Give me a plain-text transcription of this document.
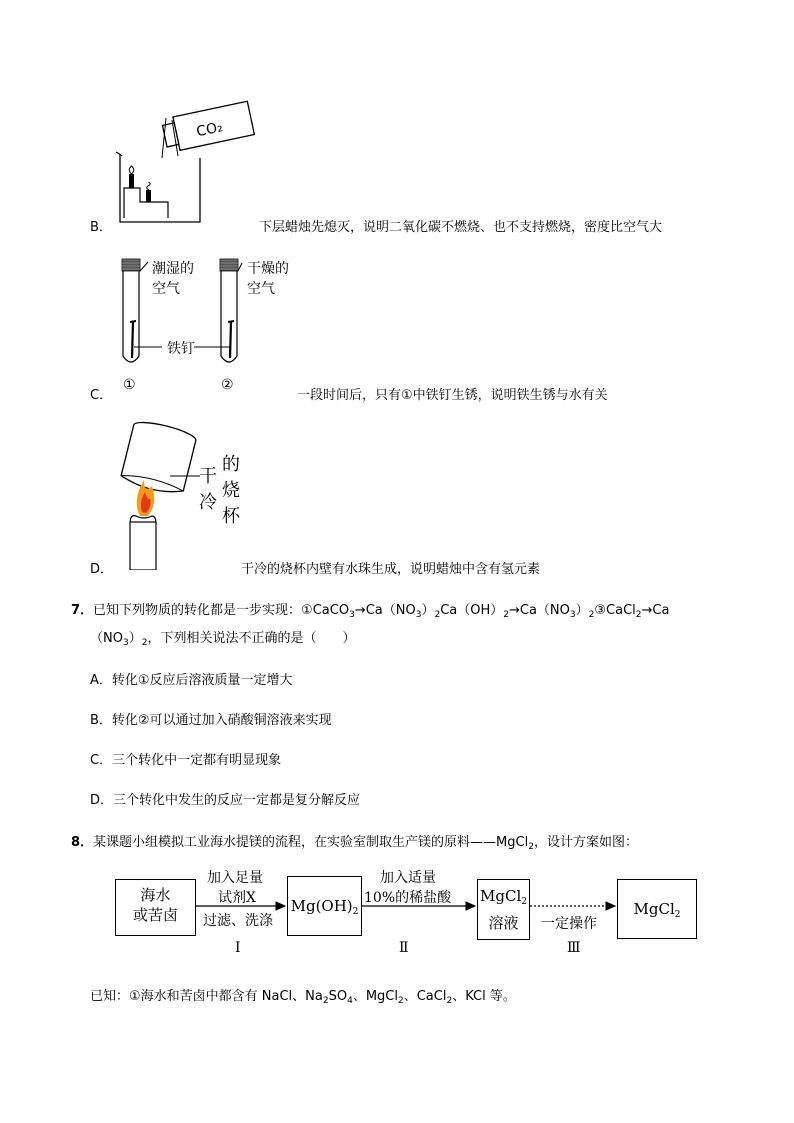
CO₂
B．	下层蜡烛先熄灭，说明二氧化碳不燃烧、也不支持燃烧，密度比空气大
潮湿的
空气
干燥的
空气
铁钉
①	②
C．	一段时间后，只有①中铁钉生锈，说明铁生锈与水有关
干
冷
的
烧
杯
D．	干冷的烧杯内壁有水珠生成，说明蜡烛中含有氢元素
7．已知下列物质的转化都是一步实现：$①CaCO_3\to Ca(NO_3)_2Ca(OH)_2\to Ca(NO_3)_2③CaCl_2\to Ca$
$(NO_3)_2$，下列相关说法不正确的是（　　）
A．转化①反应后溶液质量一定增大
B．转化②可以通过加入硝酸铜溶液来实现
C．三个转化中一定都有明显现象
D．三个转化中发生的反应一定都是复分解反应
8．某课题小组模拟工业海水提镁的流程，在实验室制取生产镁的原料——MgCl$_2$，设计方案如图：
海水
或苦卤	$Mg(OH)_2$
MgCl$_2$
溶液
MgCl$_2$
加入足量
试剂X
过滤、洗涤
加入适量
10%的稀盐酸
一定操作
Ⅰ	Ⅱ	Ⅲ
已知：①海水和苦卤中都含有 NaCl、$Na_2SO_4$、MgCl$_2$、CaCl$_2$、KCl 等。
